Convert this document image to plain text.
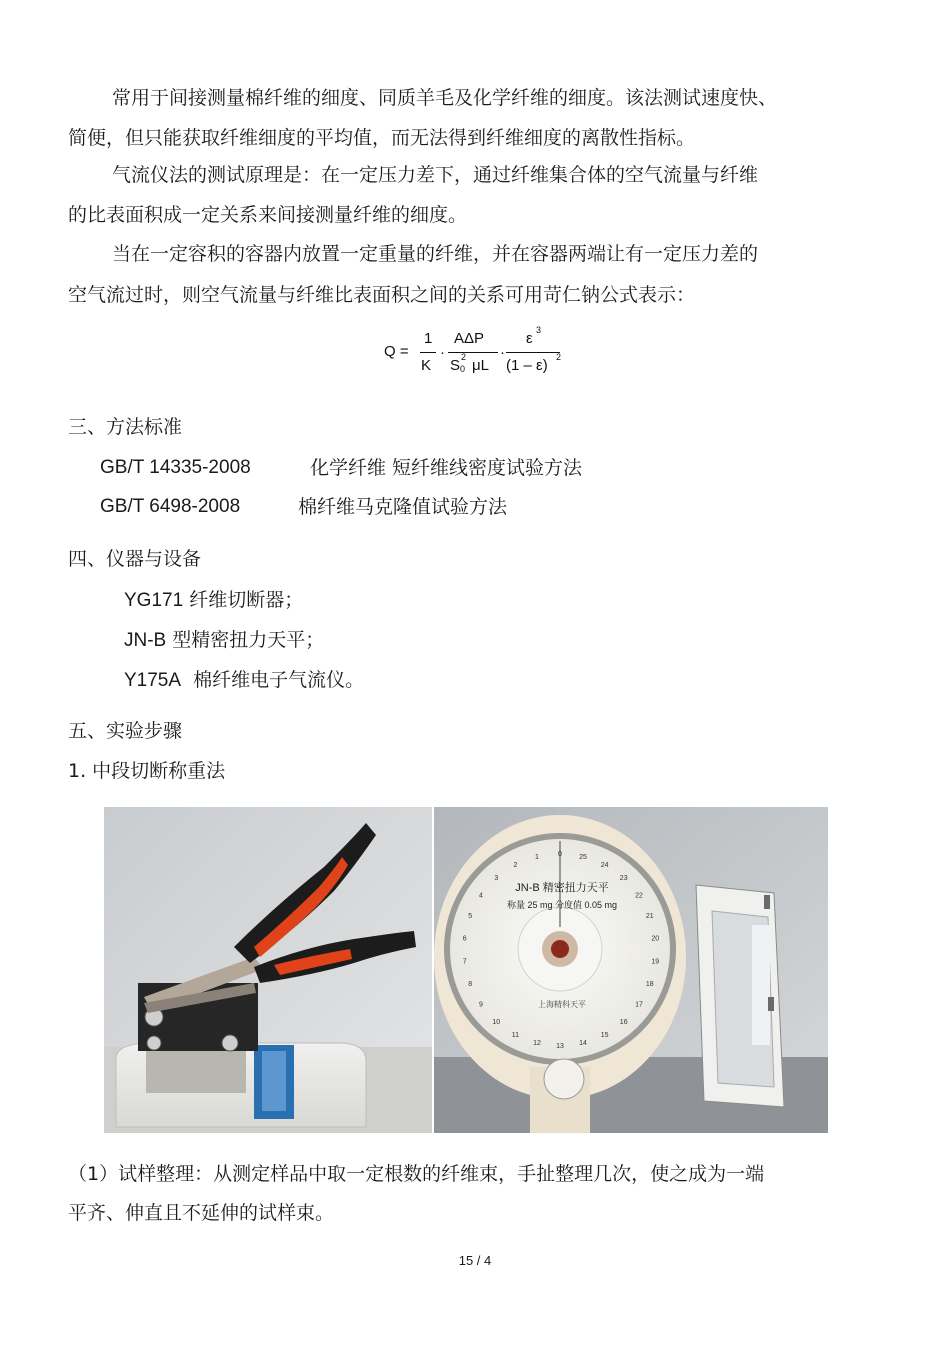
常用于间接测量棉纤维的细度、同质羊毛及化学纤维的细度。该法测试速度快、
简便，但只能获取纤维细度的平均值，而无法得到纤维细度的离散性指标。
气流仪法的测试原理是：在一定压力差下，通过纤维集合体的空气流量与纤维
的比表面积成一定关系来间接测量纤维的细度。
当在一定容积的容器内放置一定重量的纤维，并在容器两端让有一定压力差的
空气流过时，则空气流量与纤维比表面积之间的关系可用苛仁钠公式表示：
Q =
1
K
·
AΔP
S 0
2 μL
·
ε 3
(1 – ε) 2
三、方法标准
GB/T 14335-2008	化学纤维 短纤维线密度试验方法
GB/T 6498-2008	棉纤维马克隆值试验方法
四、仪器与设备
YG171 纤维切断器；
JN-B 型精密扭力天平；
Y175A 棉纤维电子气流仪。
五、实验步骤
1. 中段切断称重法
0 25
24
23
22
21
20
19
18
17
16
15
14
13
12
11
10
9
8
7
6
5
4
3
2
1
JN-B 精密扭力天平
称量 25 mg 分度值 0.05 mg
上海精科天平
（1）试样整理：从测定样品中取一定根数的纤维束，手扯整理几次，使之成为一端
平齐、伸直且不延伸的试样束。
15 / 4
